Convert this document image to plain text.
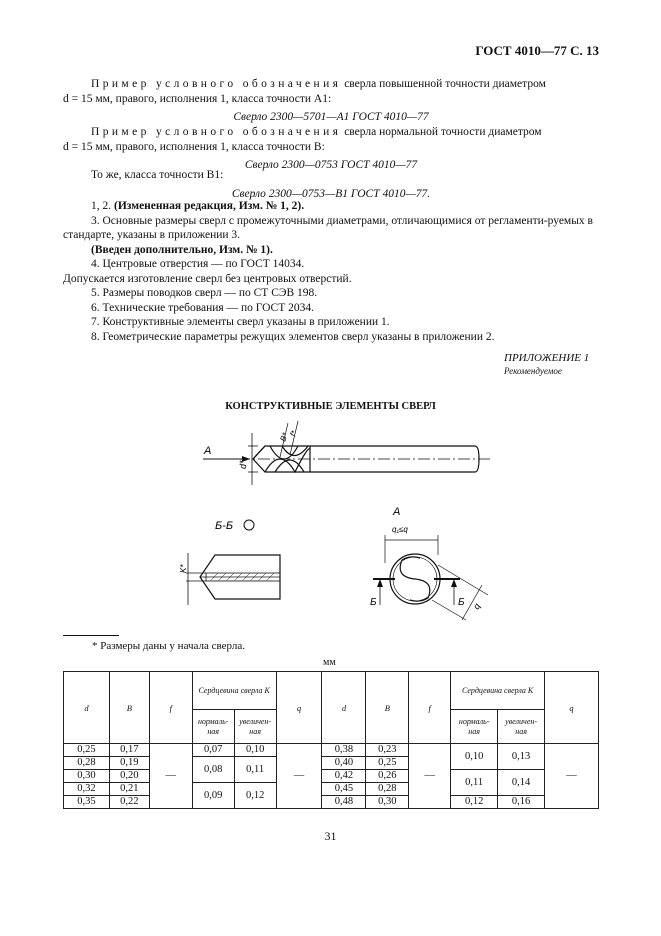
ГОСТ 4010—77 С. 13
Пример условного обозначения сверла повышенной точности диаметром
d = 15 мм, правого, исполнения 1, класса точности А1:
Сверло 2300—5701—А1 ГОСТ 4010—77
Пример условного обозначения сверла нормальной точности диаметром
d = 15 мм, правого, исполнения 1, класса точности В:
Сверло 2300—0753 ГОСТ 4010—77
То же, класса точности В1:
Сверло 2300—0753—В1 ГОСТ 4010—77.
1, 2. (Измененная редакция, Изм. № 1, 2).
3. Основные размеры сверл с промежуточными диаметрами, отличающимися от регламенти-руемых в стандарте, указаны в приложении 3.
(Введен дополнительно, Изм. № 1).
4. Центровые отверстия — по ГОСТ 14034.
Допускается изготовление сверл без центровых отверстий.
5. Размеры поводков сверл — по СТ СЭВ 198.
6. Технические требования — по ГОСТ 2034.
7. Конструктивные элементы сверл указаны в приложении 1.
8. Геометрические параметры режущих элементов сверл указаны в приложении 2.
ПРИЛОЖЕНИЕ 1
Рекомендуемое
КОНСТРУКТИВНЫЕ ЭЛЕМЕНТЫ СВЕРЛ
А
d*
B*
f*
Б-Б
K*
А
q₁≤q
Б	Б q
* Размеры даны у начала сверла.
мм
d	B	f	Сердцевина сверла K		q	d	B	f	Сердцевина сверла K		q
			нормаль-ная	увеличен-ная					нормаль-ная	увеличен-ная	
0,25	0,17	—	0,07	0,10	—	0,38	0,23	—	0,10	0,13	—
0,28	0,19		0,08	0,11		0,40	0,25				
0,30	0,20					0,42	0,26		0,11	0,14	
0,32	0,21		0,09	0,12		0,45	0,28				
0,35	0,22					0,48	0,30		0,12	0,16	
31
